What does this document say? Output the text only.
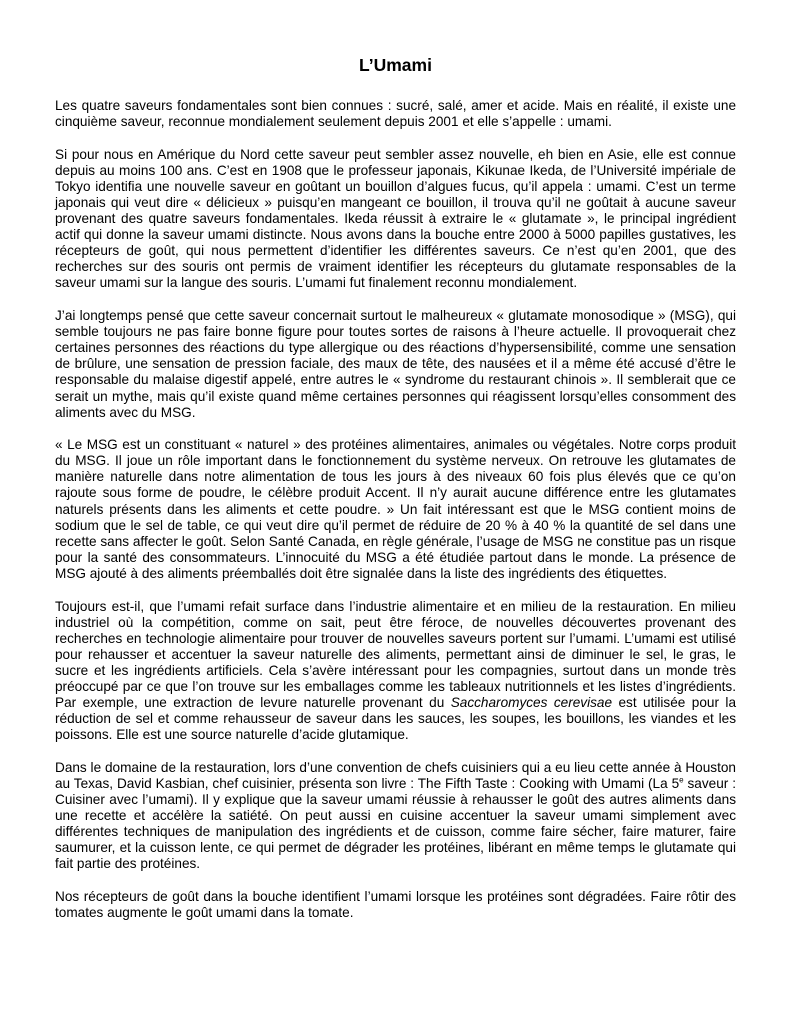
L’Umami

Les quatre saveurs fondamentales sont bien connues : sucré, salé, amer et acide. Mais en réalité, il existe une cinquième saveur, reconnue mondialement seulement depuis 2001 et elle s’appelle : umami.

Si pour nous en Amérique du Nord cette saveur peut sembler assez nouvelle, eh bien en Asie, elle est connue depuis au moins 100 ans. C’est en 1908 que le professeur japonais, Kikunae Ikeda, de l’Université impériale de Tokyo identifia une nouvelle saveur en goûtant un bouillon d’algues fucus, qu’il appela : umami. C’est un terme japonais qui veut dire « délicieux » puisqu’en mangeant ce bouillon, il trouva qu’il ne goûtait à aucune saveur provenant des quatre saveurs fondamentales. Ikeda réussit à extraire le « glutamate », le principal ingrédient actif qui donne la saveur umami distincte. Nous avons dans la bouche entre 2000 à 5000 papilles gustatives, les récepteurs de goût, qui nous permettent d’identifier les différentes saveurs. Ce n’est qu’en 2001, que des recherches sur des souris ont permis de vraiment identifier les récepteurs du glutamate responsables de la saveur umami sur la langue des souris. L’umami fut finalement reconnu mondialement.

J’ai longtemps pensé que cette saveur concernait surtout le malheureux « glutamate monosodique » (MSG), qui semble toujours ne pas faire bonne figure pour toutes sortes de raisons à l’heure actuelle. Il provoquerait chez certaines personnes des réactions du type allergique ou des réactions d’hypersensibilité, comme une sensation de brûlure, une sensation de pression faciale, des maux de tête, des nausées et il a même été accusé d’être le responsable du malaise digestif appelé, entre autres le « syndrome du restaurant chinois ». Il semblerait que ce serait un mythe, mais qu’il existe quand même certaines personnes qui réagissent lorsqu’elles consomment des aliments avec du MSG.

« Le MSG est un constituant « naturel » des protéines alimentaires, animales ou végétales. Notre corps produit du MSG. Il joue un rôle important dans le fonctionnement du système nerveux. On retrouve les glutamates de manière naturelle dans notre alimentation de tous les jours à des niveaux 60 fois plus élevés que ce qu’on rajoute sous forme de poudre, le célèbre produit Accent. Il n’y aurait aucune différence entre les glutamates naturels présents dans les aliments et cette poudre. » Un fait intéressant est que le MSG contient moins de sodium que le sel de table, ce qui veut dire qu’il permet de réduire de 20 % à 40 % la quantité de sel dans une recette sans affecter le goût. Selon Santé Canada, en règle générale, l’usage de MSG ne constitue pas un risque pour la santé des consommateurs. L’innocuité du MSG a été étudiée partout dans le monde. La présence de MSG ajouté à des aliments préemballés doit être signalée dans la liste des ingrédients des étiquettes.

Toujours est-il, que l’umami refait surface dans l’industrie alimentaire et en milieu de la restauration. En milieu industriel où la compétition, comme on sait, peut être féroce, de nouvelles découvertes provenant des recherches en technologie alimentaire pour trouver de nouvelles saveurs portent sur l’umami. L’umami est utilisé pour rehausser et accentuer la saveur naturelle des aliments, permettant ainsi de diminuer le sel, le gras, le sucre et les ingrédients artificiels. Cela s’avère intéressant pour les compagnies, surtout dans un monde très préoccupé par ce que l’on trouve sur les emballages comme les tableaux nutritionnels et les listes d’ingrédients. Par exemple, une extraction de levure naturelle provenant du Saccharomyces cerevisae est utilisée pour la réduction de sel et comme rehausseur de saveur dans les sauces, les soupes, les bouillons, les viandes et les poissons. Elle est une source naturelle d’acide glutamique.

Dans le domaine de la restauration, lors d’une convention de chefs cuisiniers qui a eu lieu cette année à Houston au Texas, David Kasbian, chef cuisinier, présenta son livre : The Fifth Taste : Cooking with Umami (La 5e saveur : Cuisiner avec l’umami). Il y explique que la saveur umami réussie à rehausser le goût des autres aliments dans une recette et accélère la satiété. On peut aussi en cuisine accentuer la saveur umami simplement avec différentes techniques de manipulation des ingrédients et de cuisson, comme faire sécher, faire maturer, faire saumurer, et la cuisson lente, ce qui permet de dégrader les protéines, libérant en même temps le glutamate qui fait partie des protéines.

Nos récepteurs de goût dans la bouche identifient l’umami lorsque les protéines sont dégradées. Faire rôtir des tomates augmente le goût umami dans la tomate.
